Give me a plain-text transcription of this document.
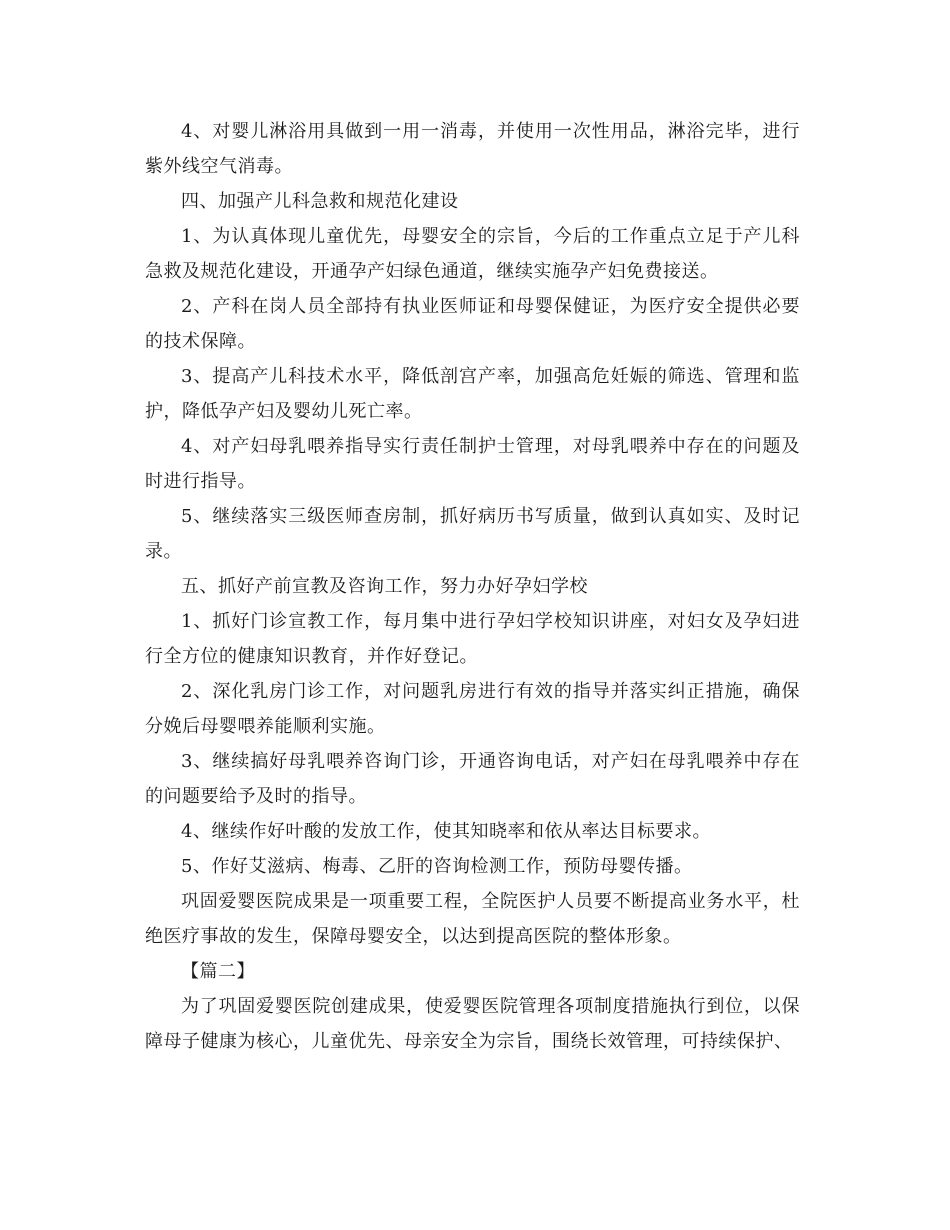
4、对婴儿淋浴用具做到一用一消毒，并使用一次性用品，淋浴完毕，进行紫外线空气消毒。

四、加强产儿科急救和规范化建设

1、为认真体现儿童优先，母婴安全的宗旨，今后的工作重点立足于产儿科急救及规范化建设，开通孕产妇绿色通道，继续实施孕产妇免费接送。

2、产科在岗人员全部持有执业医师证和母婴保健证，为医疗安全提供必要的技术保障。

3、提高产儿科技术水平，降低剖宫产率，加强高危妊娠的筛选、管理和监护，降低孕产妇及婴幼儿死亡率。

4、对产妇母乳喂养指导实行责任制护士管理，对母乳喂养中存在的问题及时进行指导。

5、继续落实三级医师查房制，抓好病历书写质量，做到认真如实、及时记录。

五、抓好产前宣教及咨询工作，努力办好孕妇学校

1、抓好门诊宣教工作，每月集中进行孕妇学校知识讲座，对妇女及孕妇进行全方位的健康知识教育，并作好登记。

2、深化乳房门诊工作，对问题乳房进行有效的指导并落实纠正措施，确保分娩后母婴喂养能顺利实施。

3、继续搞好母乳喂养咨询门诊，开通咨询电话，对产妇在母乳喂养中存在的问题要给予及时的指导。

4、继续作好叶酸的发放工作，使其知晓率和依从率达目标要求。

5、作好艾滋病、梅毒、乙肝的咨询检测工作，预防母婴传播。

巩固爱婴医院成果是一项重要工程，全院医护人员要不断提高业务水平，杜绝医疗事故的发生，保障母婴安全，以达到提高医院的整体形象。

【篇二】

为了巩固爱婴医院创建成果，使爱婴医院管理各项制度措施执行到位，以保障母子健康为核心，儿童优先、母亲安全为宗旨，围绕长效管理，可持续保护、
